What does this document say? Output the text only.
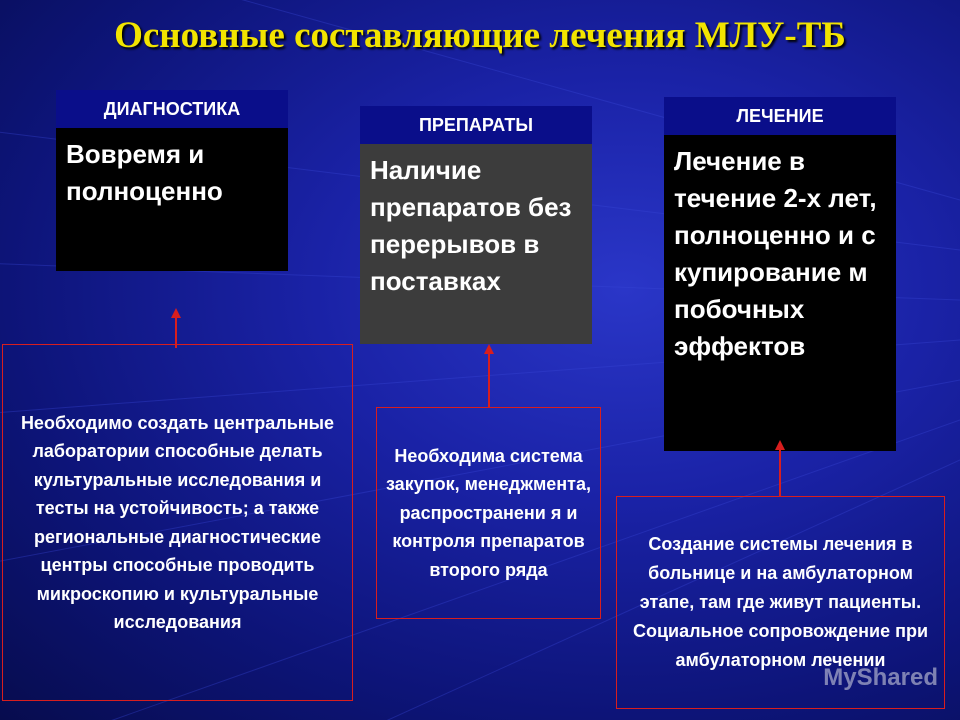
Основные составляющие лечения МЛУ-ТБ
ДИАГНОСТИКА
Вовремя и полноценно
Необходимо создать центральные лаборатории способные делать культуральные исследования и тесты на устойчивость; а также региональные диагностические центры способные проводить микроскопию и культуральные исследования
ПРЕПАРАТЫ
Наличие препаратов без перерывов в поставках
Необходима система закупок, менеджмента, распространени я и контроля препаратов второго ряда
ЛЕЧЕНИЕ
Лечение в течение 2-х лет, полноценно и с купирование м побочных эффектов
Создание системы лечения в больнице и на амбулаторном этапе, там где живут пациенты. Социальное сопровождение при амбулаторном лечении
MyShared
